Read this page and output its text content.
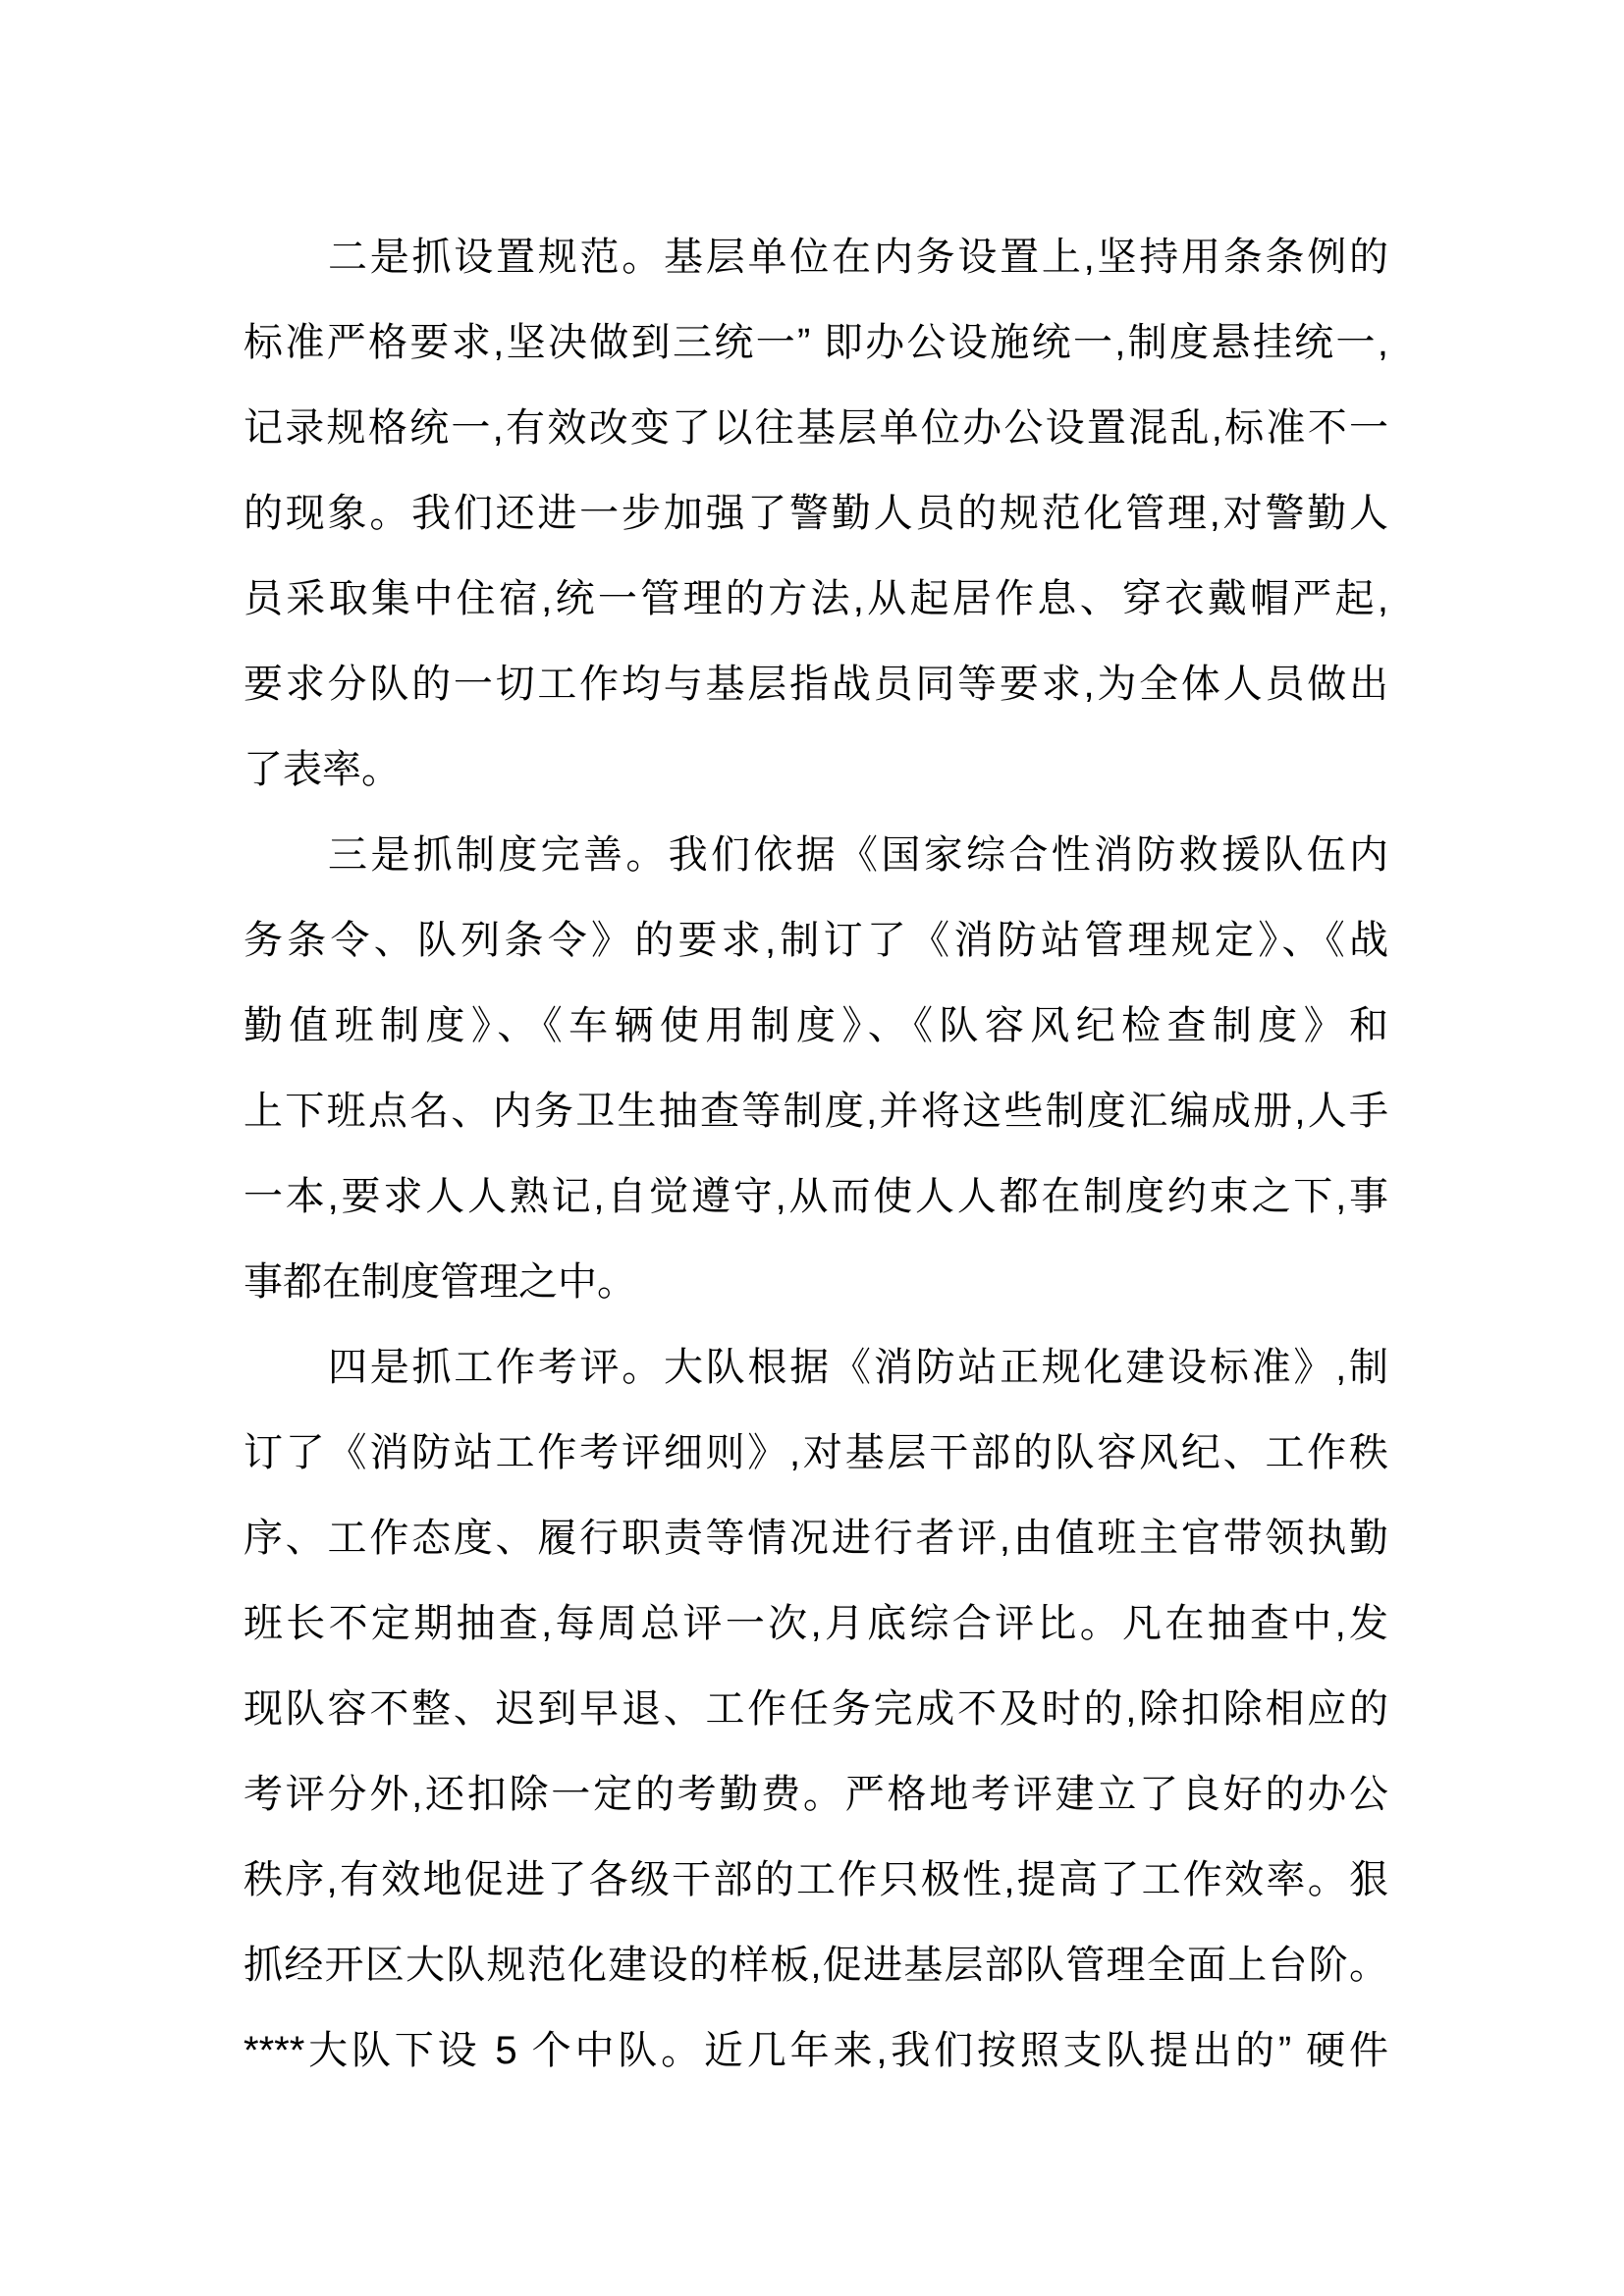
二是抓设置规范。基层单位在内务设置上,坚持用条条例的
标准严格要求,坚决做到三统一” 即办公设施统一,制度悬挂统一,
记录规格统一,有效改变了以往基层单位办公设置混乱,标准不一
的现象。我们还进一步加强了警勤人员的规范化管理,对警勤人
员采取集中住宿,统一管理的方法,从起居作息、穿衣戴帽严起,
要求分队的一切工作均与基层指战员同等要求,为全体人员做出
了表率。
三是抓制度完善。我们依据《国家综合性消防救援队伍内
务条令、队列条令》的要求,制订了《消防站管理规定》、《战
勤值班制度》、《车辆使用制度》、《队容风纪检查制度》和
上下班点名、内务卫生抽查等制度,并将这些制度汇编成册,人手
一本,要求人人熟记,自觉遵守,从而使人人都在制度约束之下,事
事都在制度管理之中。
四是抓工作考评。大队根据《消防站正规化建设标准》,制
订了《消防站工作考评细则》,对基层干部的队容风纪、工作秩
序、工作态度、履行职责等情况进行者评,由值班主官带领执勤
班长不定期抽查,每周总评一次,月底综合评比。凡在抽查中,发
现队容不整、迟到早退、工作任务完成不及时的,除扣除相应的
考评分外,还扣除一定的考勤费。严格地考评建立了良好的办公
秩序,有效地促进了各级干部的工作只极性,提高了工作效率。狠
抓经开区大队规范化建设的样板,促进基层部队管理全面上台阶。
****大队下设 5 个中队。近几年来,我们按照支队提出的” 硬件
